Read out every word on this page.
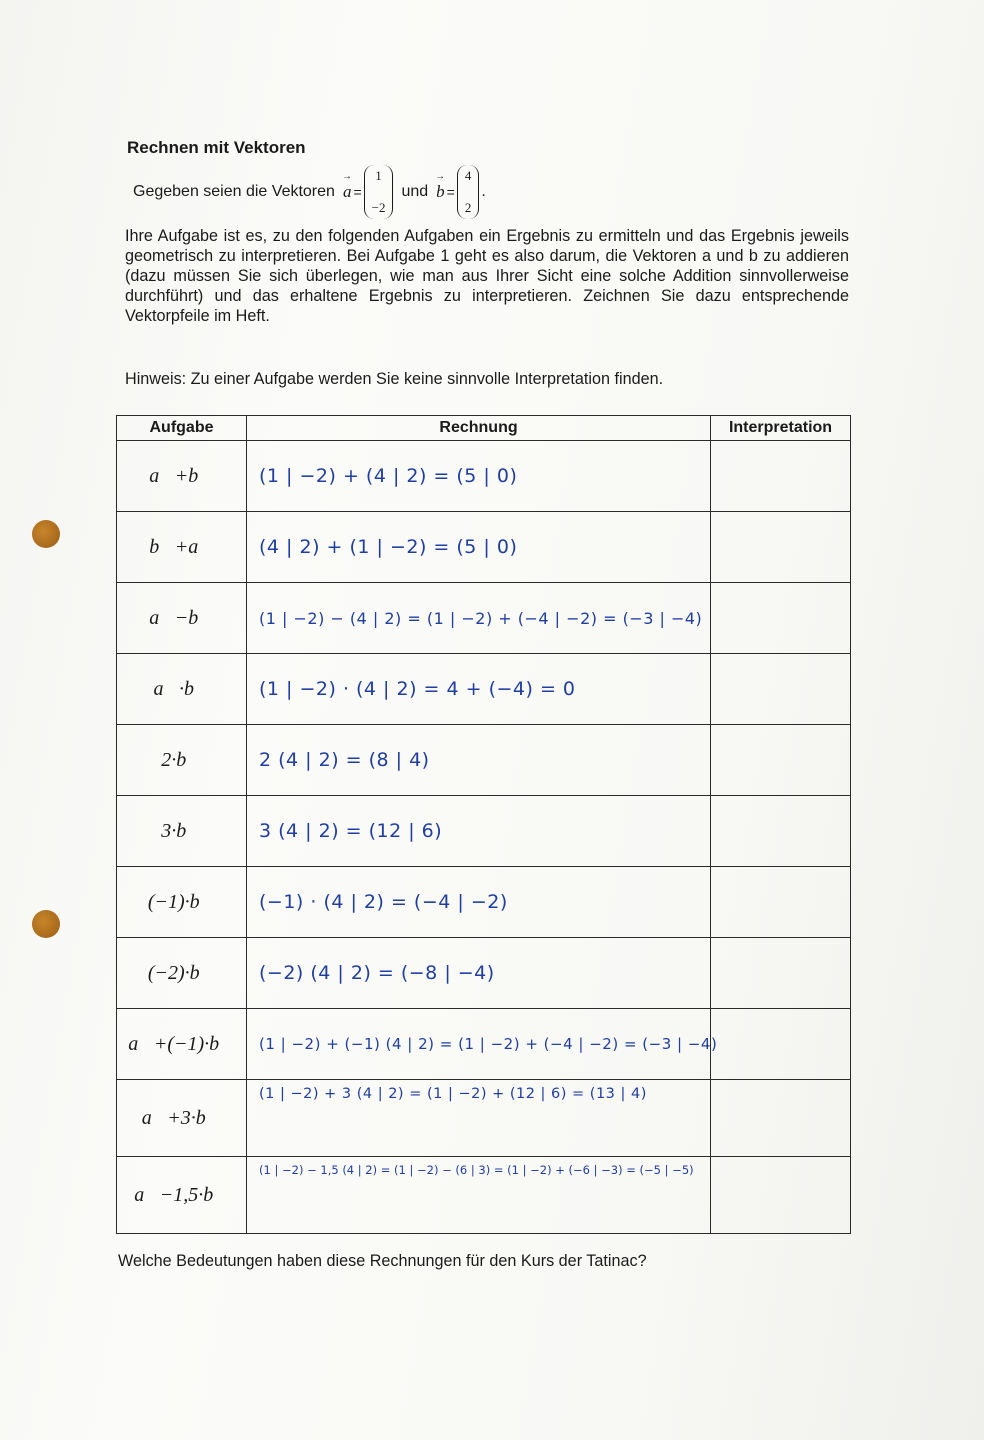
Rechnen mit Vektoren
Gegeben seien die Vektoren → a =
1
−2
und → b =
4
2
.
Ihre Aufgabe ist es, zu den folgenden Aufgaben ein Ergebnis zu ermitteln und das Ergebnis jeweils geometrisch zu interpretieren. Bei Aufgabe 1 geht es also darum, die Vektoren a und b zu addieren (dazu müssen Sie sich überlegen, wie man aus Ihrer Sicht eine solche Addition sinnvollerweise durchführt) und das erhaltene Ergebnis zu interpretieren. Zeichnen Sie dazu entsprechende Vektorpfeile im Heft.
Hinweis: Zu einer Aufgabe werden Sie keine sinnvolle Interpretation finden.
Aufgabe	Rechnung	Interpretation
a⃗+b⃗	(1 | −2) + (4 | 2) = (5 | 0)	
b⃗+a⃗	(4 | 2) + (1 | −2) = (5 | 0)	
a⃗−b⃗	(1 | −2) − (4 | 2) = (1 | −2) + (−4 | −2) = (−3 | −4)	
a⃗·b⃗	(1 | −2) · (4 | 2) = 4 + (−4) = 0	
2·b⃗	2 (4 | 2) = (8 | 4)	
3·b⃗	3 (4 | 2) = (12 | 6)	
(−1)·b⃗	(−1) · (4 | 2) = (−4 | −2)	
(−2)·b⃗	(−2) (4 | 2) = (−8 | −4)	
a⃗+(−1)·b⃗	(1 | −2) + (−1) (4 | 2) = (1 | −2) + (−4 | −2) = (−3 | −4)	
a⃗+3·b⃗	(1 | −2) + 3 (4 | 2) = (1 | −2) + (12 | 6) = (13 | 4)	
a⃗−1,5·b⃗	(1 | −2) − 1,5 (4 | 2) = (1 | −2) − (6 | 3) = (1 | −2) + (−6 | −3) = (−5 | −5)	
Welche Bedeutungen haben diese Rechnungen für den Kurs der Tatinac?
